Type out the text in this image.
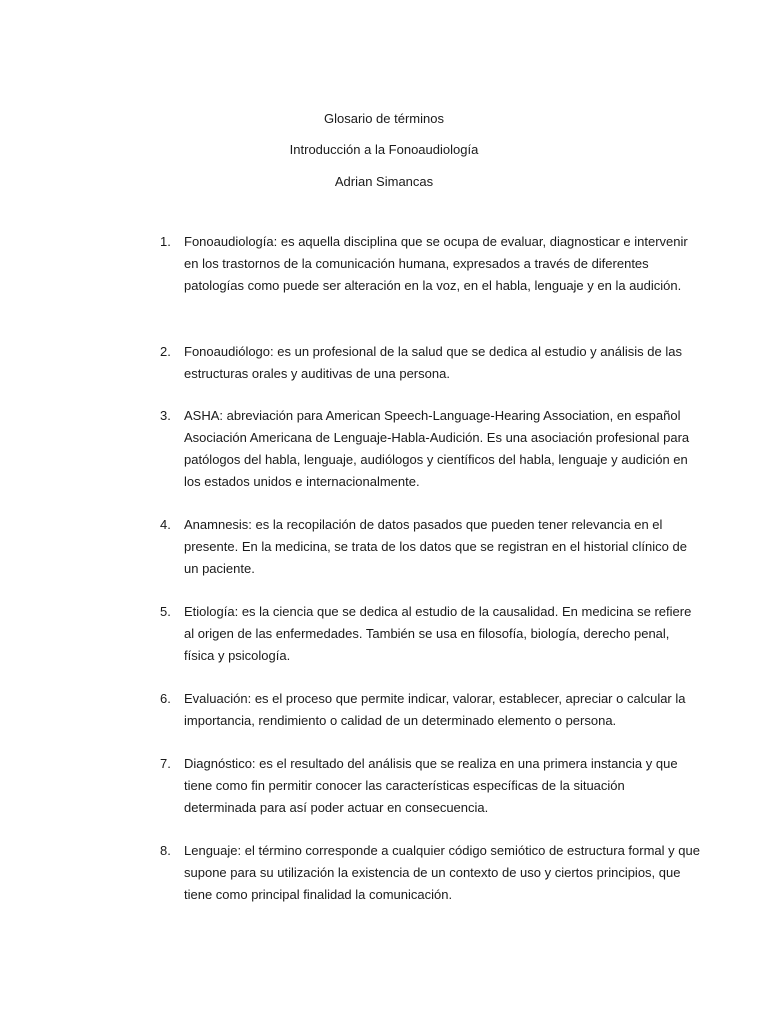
Glosario de términos
Introducción a la Fonoaudiología
Adrian Simancas
1. Fonoaudiología: es aquella disciplina que se ocupa de evaluar, diagnosticar e intervenir en los trastornos de la comunicación humana, expresados a través de diferentes patologías como puede ser alteración en la voz, en el habla, lenguaje y en la audición.

2. Fonoaudiólogo: es un profesional de la salud que se dedica al estudio y análisis de las estructuras orales y auditivas de una persona.

3. ASHA: abreviación para American Speech-Language-Hearing Association, en español Asociación Americana de Lenguaje-Habla-Audición. Es una asociación profesional para patólogos del habla, lenguaje, audiólogos y científicos del habla, lenguaje y audición en los estados unidos e internacionalmente.

4. Anamnesis: es la recopilación de datos pasados que pueden tener relevancia en el presente. En la medicina, se trata de los datos que se registran en el historial clínico de un paciente.

5. Etiología: es la ciencia que se dedica al estudio de la causalidad. En medicina se refiere al origen de las enfermedades. También se usa en filosofía, biología, derecho penal, física y psicología.

6. Evaluación: es el proceso que permite indicar, valorar, establecer, apreciar o calcular la importancia, rendimiento o calidad de un determinado elemento o persona.

7. Diagnóstico: es el resultado del análisis que se realiza en una primera instancia y que tiene como fin permitir conocer las características específicas de la situación determinada para así poder actuar en consecuencia.

8. Lenguaje: el término corresponde a cualquier código semiótico de estructura formal y que supone para su utilización la existencia de un contexto de uso y ciertos principios, que tiene como principal finalidad la comunicación.
